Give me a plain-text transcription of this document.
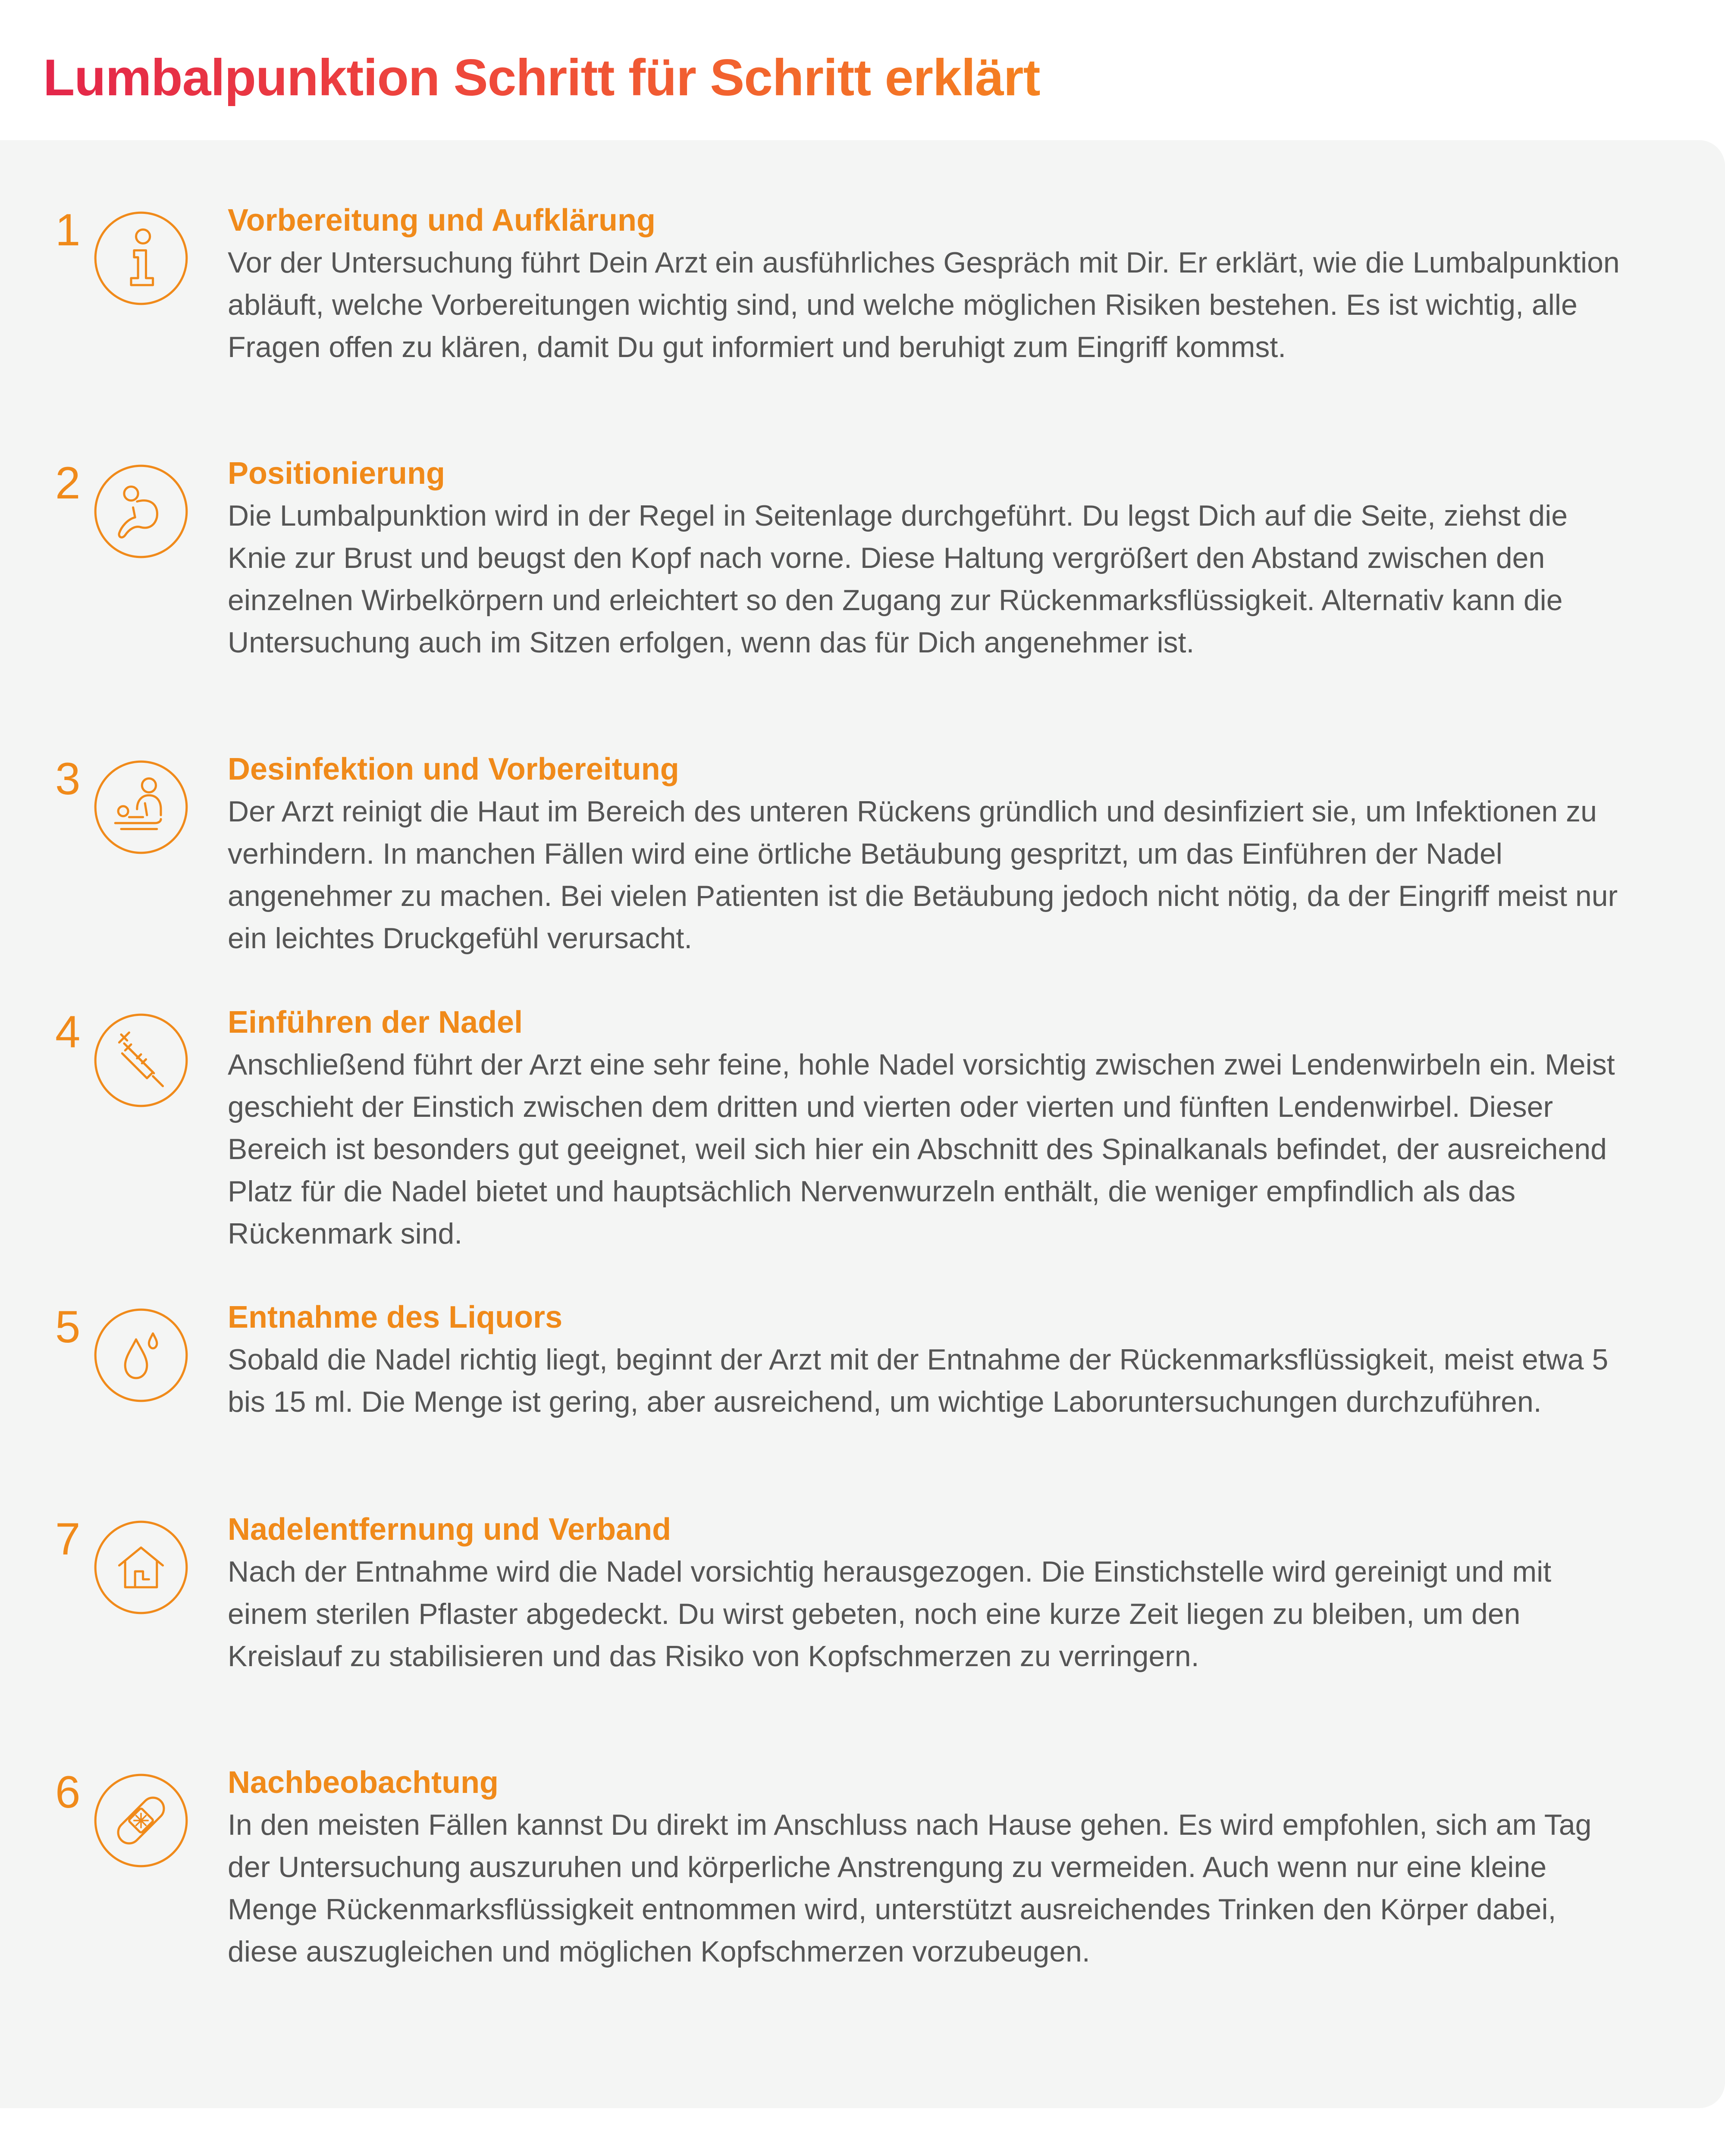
Lumbalpunktion Schritt für Schritt erklärt
1	Vorbereitung und Aufklärung

Vor der Untersuchung führt Dein Arzt ein ausführliches Gespräch mit Dir. Er erklärt, wie die Lumbalpunktion abläuft, welche Vorbereitungen wichtig sind, und welche möglichen Risiken bestehen. Es ist wichtig, alle Fragen offen zu klären, damit Du gut informiert und beruhigt zum Eingriff kommst.

2	Positionierung

Die Lumbalpunktion wird in der Regel in Seitenlage durchgeführt. Du legst Dich auf die Seite, ziehst die Knie zur Brust und beugst den Kopf nach vorne. Diese Haltung vergrößert den Abstand zwischen den einzelnen Wirbelkörpern und erleichtert so den Zugang zur Rückenmarksflüssigkeit. Alternativ kann die Untersuchung auch im Sitzen erfolgen, wenn das für Dich angenehmer ist.

3	Desinfektion und Vorbereitung

Der Arzt reinigt die Haut im Bereich des unteren Rückens gründlich und desinfiziert sie, um Infektionen zu verhindern. In manchen Fällen wird eine örtliche Betäubung gespritzt, um das Einführen der Nadel angenehmer zu machen. Bei vielen Patienten ist die Betäubung jedoch nicht nötig, da der Eingriff meist nur ein leichtes Druckgefühl verursacht.

4	Einführen der Nadel

Anschließend führt der Arzt eine sehr feine, hohle Nadel vorsichtig zwischen zwei Lendenwirbeln ein. Meist geschieht der Einstich zwischen dem dritten und vierten oder vierten und fünften Lendenwirbel. Dieser Bereich ist besonders gut geeignet, weil sich hier ein Abschnitt des Spinalkanals befindet, der ausreichend Platz für die Nadel bietet und hauptsächlich Nervenwurzeln enthält, die weniger empfindlich als das Rückenmark sind.

5	Entnahme des Liquors

Sobald die Nadel richtig liegt, beginnt der Arzt mit der Entnahme der Rückenmarksflüssigkeit, meist etwa 5 bis 15 ml. Die Menge ist gering, aber ausreichend, um wichtige Laboruntersuchungen durchzuführen.

7	Nadelentfernung und Verband

Nach der Entnahme wird die Nadel vorsichtig herausgezogen. Die Einstichstelle wird gereinigt und mit einem sterilen Pflaster abgedeckt. Du wirst gebeten, noch eine kurze Zeit liegen zu bleiben, um den Kreislauf zu stabilisieren und das Risiko von Kopfschmerzen zu verringern.

6	Nachbeobachtung

In den meisten Fällen kannst Du direkt im Anschluss nach Hause gehen. Es wird empfohlen, sich am Tag der Untersuchung auszuruhen und körperliche Anstrengung zu vermeiden. Auch wenn nur eine kleine Menge Rückenmarksflüssigkeit entnommen wird, unterstützt ausreichendes Trinken den Körper dabei, diese auszugleichen und möglichen Kopfschmerzen vorzubeugen.
